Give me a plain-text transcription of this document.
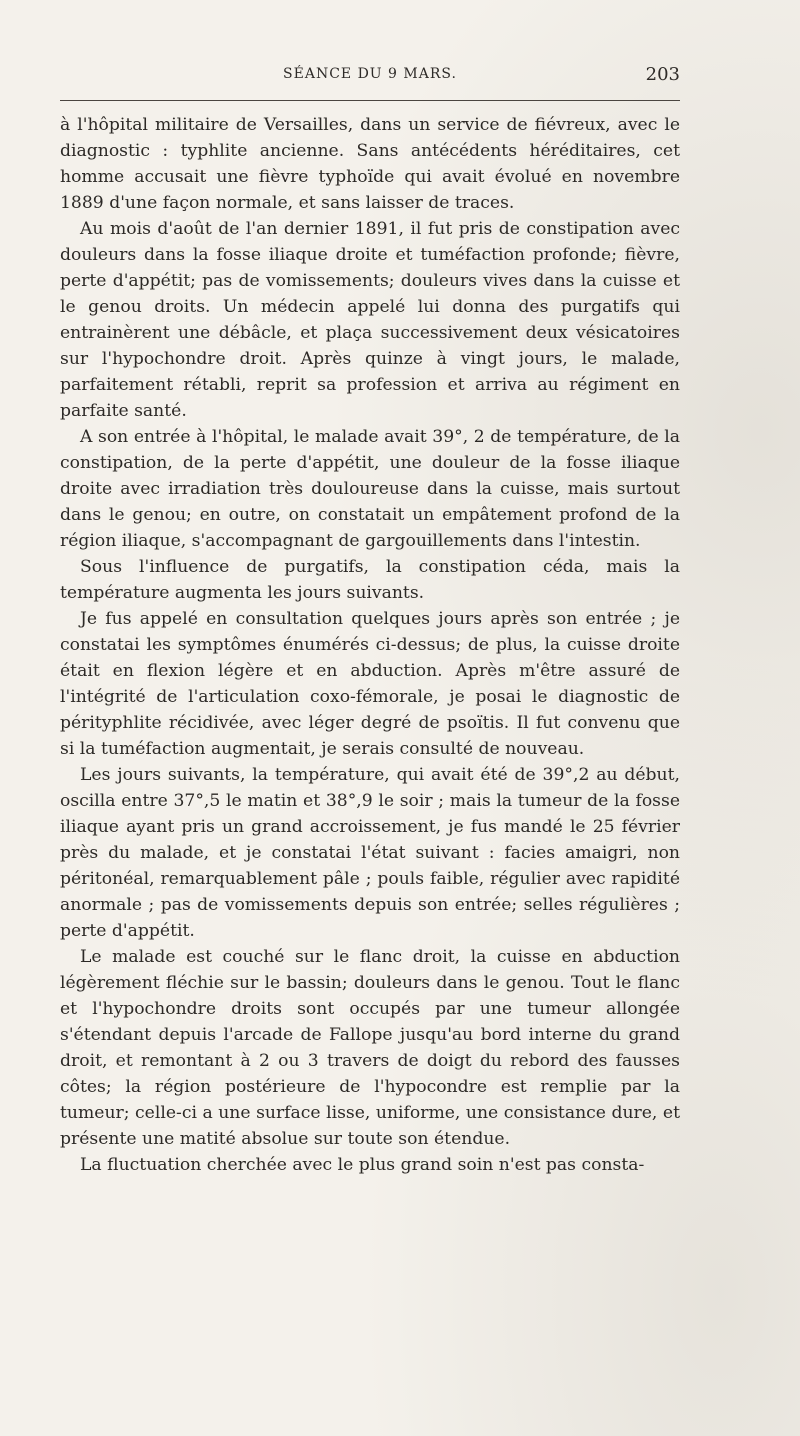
SÉANCE DU 9 MARS.	203

à l'hôpital militaire de Versailles, dans un service de fiévreux, avec le diagnostic : typhlite ancienne. Sans antécédents héréditaires, cet homme accusait une fièvre typhoïde qui avait évolué en novembre 1889 d'une façon normale, et sans laisser de traces.

Au mois d'août de l'an dernier 1891, il fut pris de constipation avec douleurs dans la fosse iliaque droite et tuméfaction profonde; fièvre, perte d'appétit; pas de vomissements; douleurs vives dans la cuisse et le genou droits. Un médecin appelé lui donna des purgatifs qui entrainèrent une débâcle, et plaça successivement deux vésicatoires sur l'hypochondre droit. Après quinze à vingt jours, le malade, parfaitement rétabli, reprit sa profession et arriva au régiment en parfaite santé.

A son entrée à l'hôpital, le malade avait 39°, 2 de température, de la constipation, de la perte d'appétit, une douleur de la fosse iliaque droite avec irradiation très douloureuse dans la cuisse, mais surtout dans le genou; en outre, on constatait un empâtement profond de la région iliaque, s'accompagnant de gargouillements dans l'intestin.

Sous l'influence de purgatifs, la constipation céda, mais la température augmenta les jours suivants.

Je fus appelé en consultation quelques jours après son entrée ; je constatai les symptômes énumérés ci-dessus; de plus, la cuisse droite était en flexion légère et en abduction. Après m'être assuré de l'intégrité de l'articulation coxo-fémorale, je posai le diagnostic de pérityphlite récidivée, avec léger degré de psoïtis. Il fut convenu que si la tuméfaction augmentait, je serais consulté de nouveau.

Les jours suivants, la température, qui avait été de 39°,2 au début, oscilla entre 37°,5 le matin et 38°,9 le soir ; mais la tumeur de la fosse iliaque ayant pris un grand accroissement, je fus mandé le 25 février près du malade, et je constatai l'état suivant : facies amaigri, non péritonéal, remarquablement pâle ; pouls faible, régulier avec rapidité anormale ; pas de vomissements depuis son entrée; selles régulières ; perte d'appétit.

Le malade est couché sur le flanc droit, la cuisse en abduction légèrement fléchie sur le bassin; douleurs dans le genou. Tout le flanc et l'hypochondre droits sont occupés par une tumeur allongée s'étendant depuis l'arcade de Fallope jusqu'au bord interne du grand droit, et remontant à 2 ou 3 travers de doigt du rebord des fausses côtes; la région postérieure de l'hypocondre est remplie par la tumeur; celle-ci a une surface lisse, uniforme, une consistance dure, et présente une matité absolue sur toute son étendue.

La fluctuation cherchée avec le plus grand soin n'est pas consta-
